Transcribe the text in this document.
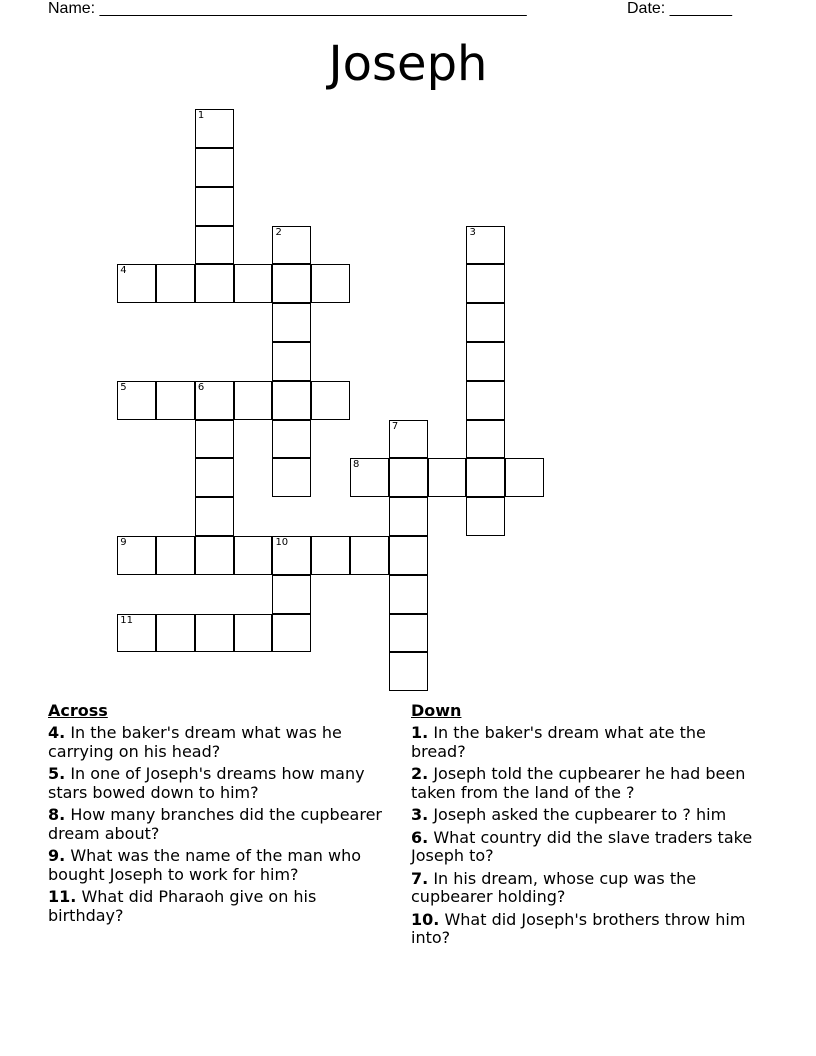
Name: ________________________________________________	Date: _______
Joseph
1
4
2	3
5	6
7
8
9	10
11
Across
4. In the baker's dream what was he carrying on his head?
5. In one of Joseph's dreams how many stars bowed down to him?
8. How many branches did the cupbearer dream about?
9. What was the name of the man who bought Joseph to work for him?
11. What did Pharaoh give on his birthday?
Down
1. In the baker's dream what ate the bread?
2. Joseph told the cupbearer he had been taken from the land of the ?
3. Joseph asked the cupbearer to ? him
6. What country did the slave traders take Joseph to?
7. In his dream, whose cup was the cupbearer holding?
10. What did Joseph's brothers throw him into?
